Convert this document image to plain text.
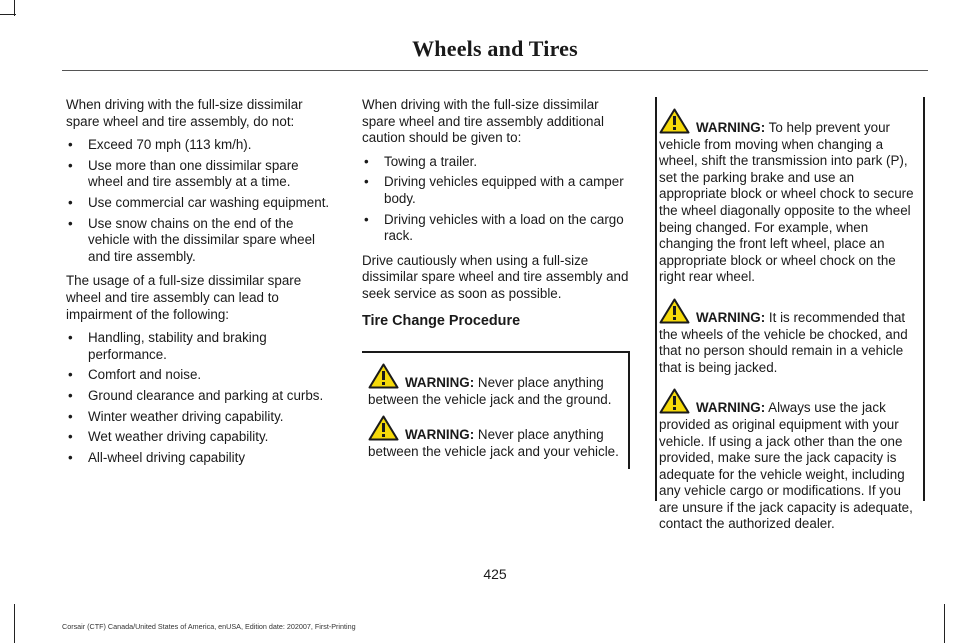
Wheels and Tires

When driving with the full-size dissimilar spare wheel and tire assembly, do not:

• Exceed 70 mph (113 km/h).
• Use more than one dissimilar spare wheel and tire assembly at a time.
• Use commercial car washing equipment.
• Use snow chains on the end of the vehicle with the dissimilar spare wheel and tire assembly.

The usage of a full-size dissimilar spare wheel and tire assembly can lead to impairment of the following:

• Handling, stability and braking performance.
• Comfort and noise.
• Ground clearance and parking at curbs.
• Winter weather driving capability.
• Wet weather driving capability.
• All-wheel driving capability

When driving with the full-size dissimilar spare wheel and tire assembly additional caution should be given to:

• Towing a trailer.
• Driving vehicles equipped with a camper body.
• Driving vehicles with a load on the cargo rack.

Drive cautiously when using a full-size dissimilar spare wheel and tire assembly and seek service as soon as possible.

Tire Change Procedure

WARNING: Never place anything between the vehicle jack and the ground.

WARNING: Never place anything between the vehicle jack and your vehicle.

WARNING: To help prevent your vehicle from moving when changing a wheel, shift the transmission into park (P), set the parking brake and use an appropriate block or wheel chock to secure the wheel diagonally opposite to the wheel being changed. For example, when changing the front left wheel, place an appropriate block or wheel chock on the right rear wheel.

WARNING: It is recommended that the wheels of the vehicle be chocked, and that no person should remain in a vehicle that is being jacked.

WARNING: Always use the jack provided as original equipment with your vehicle. If using a jack other than the one provided, make sure the jack capacity is adequate for the vehicle weight, including any vehicle cargo or modifications. If you are unsure if the jack capacity is adequate, contact the authorized dealer.

425
Corsair (CTF) Canada/United States of America, enUSA, Edition date: 202007, First-Printing
